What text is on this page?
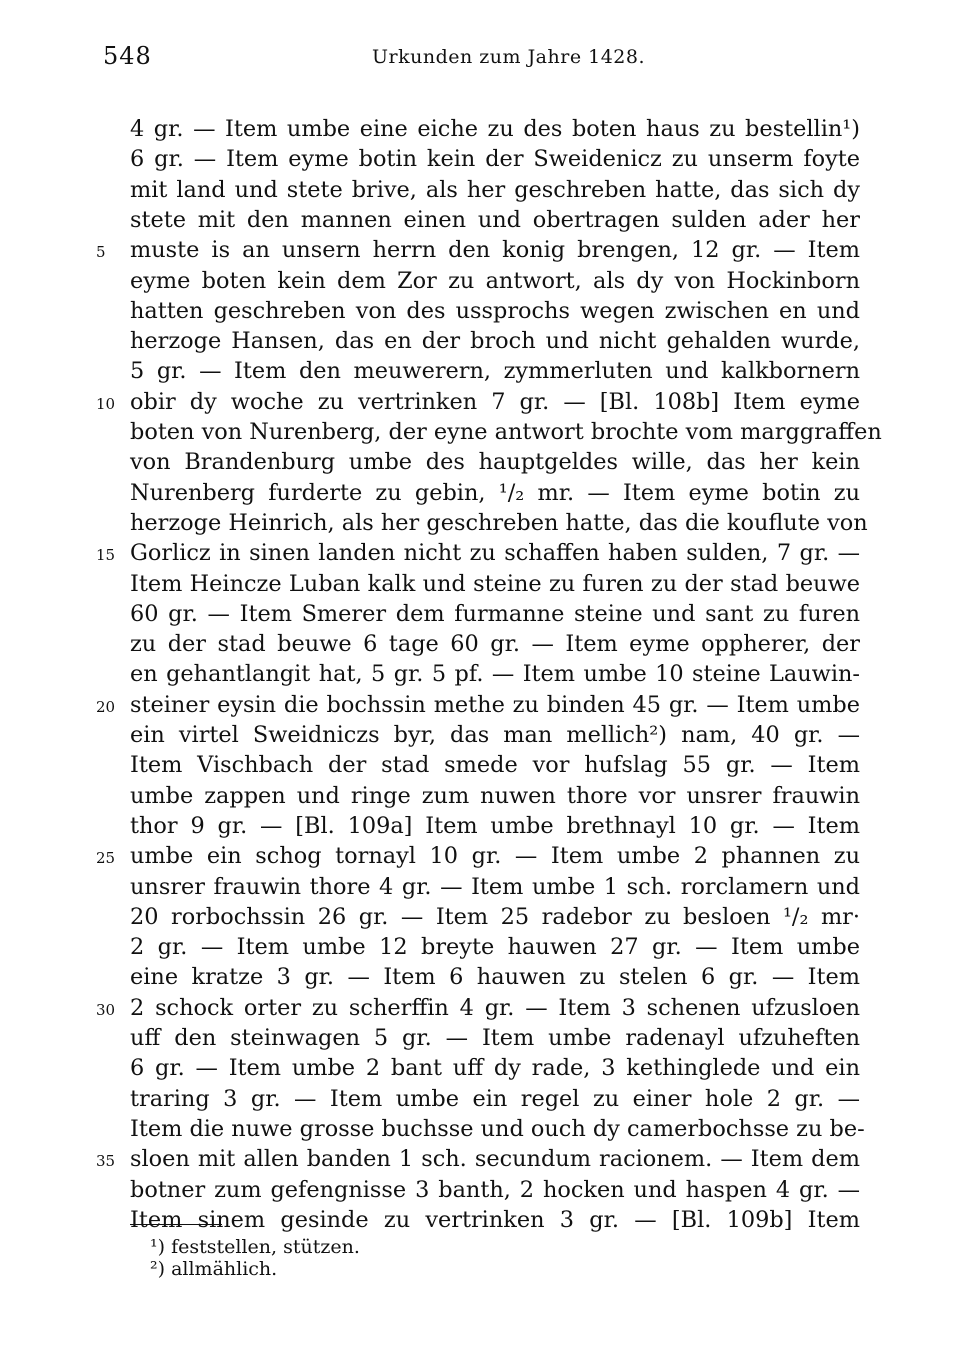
548	Urkunden zum Jahre 1428.
4 gr. — Item umbe eine eiche zu des boten haus zu bestellin¹)
6 gr. — Item eyme botin kein der Sweidenicz zu unserm foyte
mit land und stete brive, als her geschreben hatte, das sich dy
stete mit den mannen einen und obertragen sulden ader her
muste is an unsern herrn den konig brengen, 12 gr. — Item
eyme boten kein dem Zor zu antwort, als dy von Hockinborn
hatten geschreben von des ussprochs wegen zwischen en und
herzoge Hansen, das en der broch und nicht gehalden wurde,
5 gr. — Item den meuwerern, zymmerluten und kalkbornern
obir dy woche zu vertrinken 7 gr. — [Bl. 108b] Item eyme
boten von Nurenberg, der eyne antwort brochte vom marggraffen
von Brandenburg umbe des hauptgeldes wille, das her kein
Nurenberg furderte zu gebin, ¹/₂ mr. — Item eyme botin zu
herzoge Heinrich, als her geschreben hatte, das die kouflute von
Gorlicz in sinen landen nicht zu schaffen haben sulden, 7 gr. —
Item Heincze Luban kalk und steine zu furen zu der stad beuwe
60 gr. — Item Smerer dem furmanne steine und sant zu furen
zu der stad beuwe 6 tage 60 gr. — Item eyme oppherer, der
en gehantlangit hat, 5 gr. 5 pf. — Item umbe 10 steine Lauwin-
steiner eysin die bochssin methe zu binden 45 gr. — Item umbe
ein virtel Sweidniczs byr, das man mellich²) nam, 40 gr. —
Item Vischbach der stad smede vor hufslag 55 gr. — Item
umbe zappen und ringe zum nuwen thore vor unsrer frauwin
thor 9 gr. — [Bl. 109a] Item umbe brethnayl 10 gr. — Item
umbe ein schog tornayl 10 gr. — Item umbe 2 phannen zu
unsrer frauwin thore 4 gr. — Item umbe 1 sch. rorclamern und
20 rorbochssin 26 gr. — Item 25 radebor zu besloen ¹/₂ mr·
2 gr. — Item umbe 12 breyte hauwen 27 gr. — Item umbe
eine kratze 3 gr. — Item 6 hauwen zu stelen 6 gr. — Item
2 schock orter zu scherffin 4 gr. — Item 3 schenen ufzusloen
uff den steinwagen 5 gr. — Item umbe radenayl ufzuheften
6 gr. — Item umbe 2 bant uff dy rade, 3 kethinglede und ein
traring 3 gr. — Item umbe ein regel zu einer hole 2 gr. —
Item die nuwe grosse buchsse und ouch dy camerbochsse zu be-
sloen mit allen banden 1 sch. secundum racionem. — Item dem
botner zum gefengnisse 3 banth, 2 hocken und haspen 4 gr. —
Item sinem gesinde zu vertrinken 3 gr. — [Bl. 109b] Item
5
10
15
20
25
30
35
¹) feststellen, stützen.
²) allmählich.
